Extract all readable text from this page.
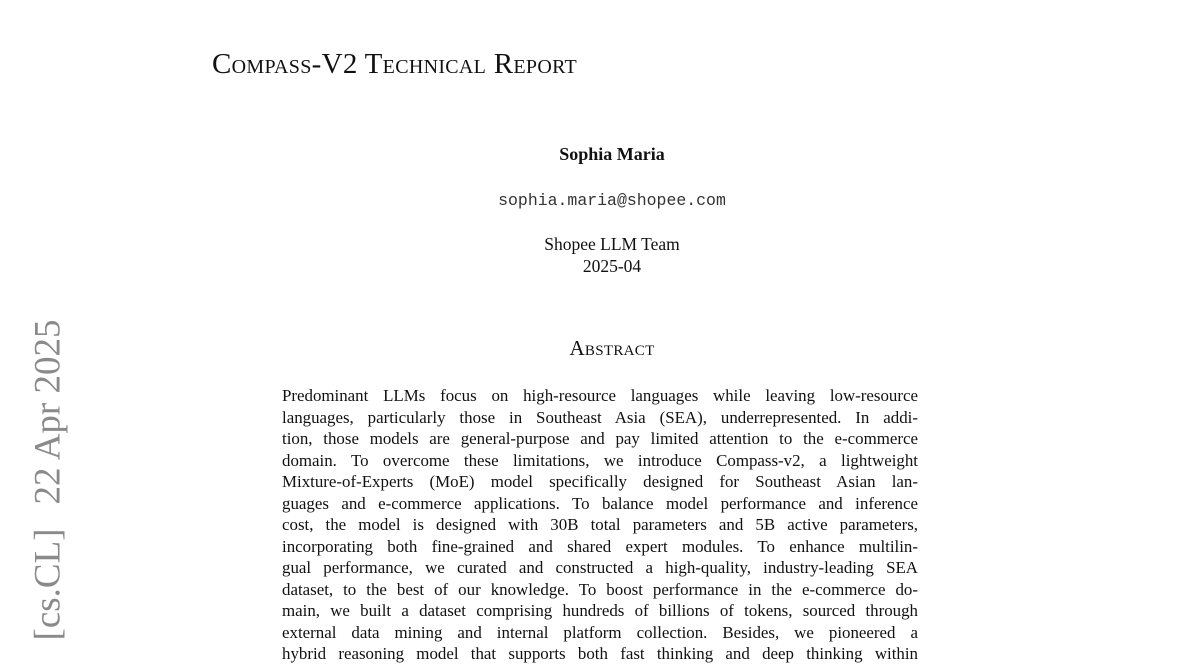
[cs.CL]22 Apr 2025
Compass-V2 Technical Report
Sophia Maria
sophia.maria@shopee.com
Shopee LLM Team
2025-04
Abstract
Predominant LLMs focus on high-resource languages while leaving low-resource
languages, particularly those in Southeast Asia (SEA), underrepresented. In addi-
tion, those models are general-purpose and pay limited attention to the e-commerce
domain. To overcome these limitations, we introduce Compass-v2, a lightweight
Mixture-of-Experts (MoE) model specifically designed for Southeast Asian lan-
guages and e-commerce applications. To balance model performance and inference
cost, the model is designed with 30B total parameters and 5B active parameters,
incorporating both fine-grained and shared expert modules. To enhance multilin-
gual performance, we curated and constructed a high-quality, industry-leading SEA
dataset, to the best of our knowledge. To boost performance in the e-commerce do-
main, we built a dataset comprising hundreds of billions of tokens, sourced through
external data mining and internal platform collection. Besides, we pioneered a
hybrid reasoning model that supports both fast thinking and deep thinking within
